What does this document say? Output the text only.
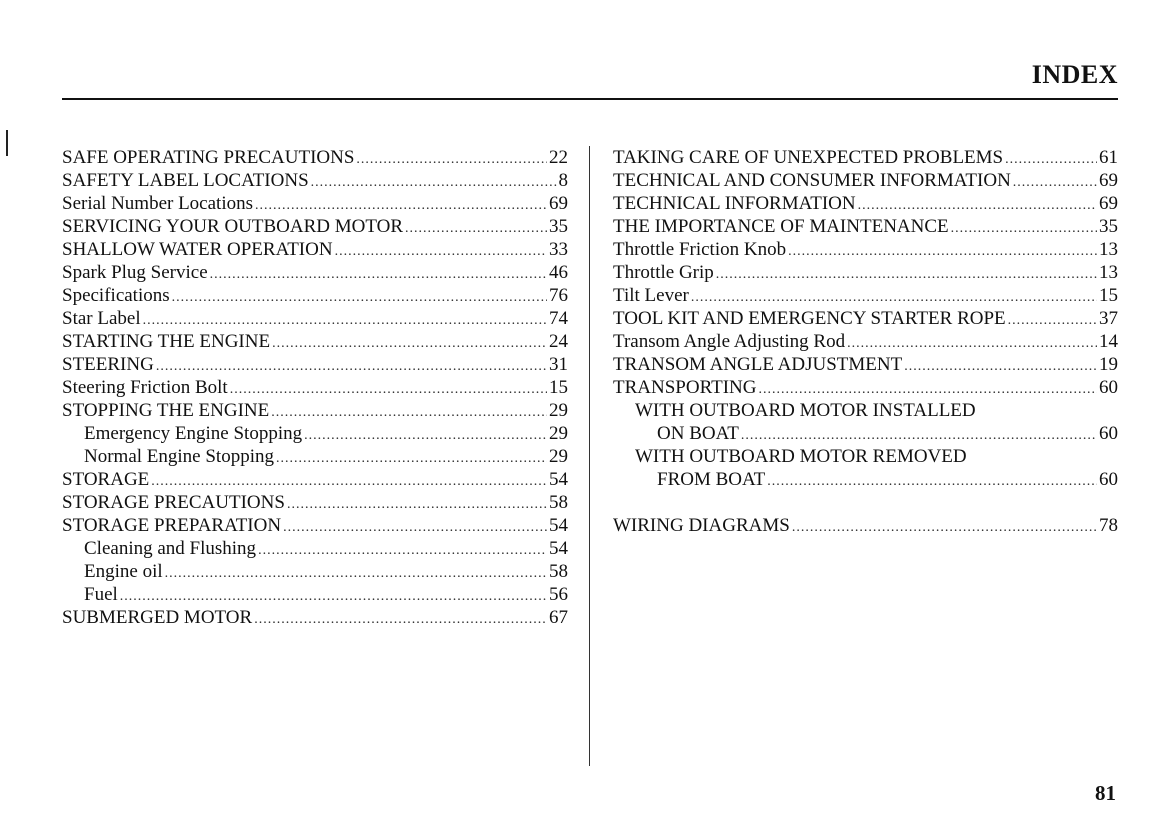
INDEX
SAFE OPERATING PRECAUTIONS .....	22
SAFETY LABEL LOCATIONS .....	8
Serial Number Locations .....	69
SERVICING YOUR OUTBOARD MOTOR .....	35
SHALLOW WATER OPERATION .....	33
Spark Plug Service .....	46
Specifications .....	76
Star Label .....	74
STARTING THE ENGINE .....	24
STEERING .....	31
Steering Friction Bolt .....	15
STOPPING THE ENGINE .....	29
Emergency Engine Stopping .....	29
Normal Engine Stopping .....	29
STORAGE .....	54
STORAGE PRECAUTIONS .....	58
STORAGE PREPARATION .....	54
Cleaning and Flushing .....	54
Engine oil .....	58
Fuel .....	56
SUBMERGED MOTOR .....	67
TAKING CARE OF UNEXPECTED PROBLEMS .....	61
TECHNICAL AND CONSUMER INFORMATION .....	69
TECHNICAL INFORMATION .....	69
THE IMPORTANCE OF MAINTENANCE .....	35
Throttle Friction Knob .....	13
Throttle Grip .....	13
Tilt Lever .....	15
TOOL KIT AND EMERGENCY STARTER ROPE .....	37
Transom Angle Adjusting Rod .....	14
TRANSOM ANGLE ADJUSTMENT .....	19
TRANSPORTING .....	60
WITH OUTBOARD MOTOR INSTALLED
ON BOAT .....	60
WITH OUTBOARD MOTOR REMOVED
FROM BOAT .....	60
WIRING DIAGRAMS .....	78
81
